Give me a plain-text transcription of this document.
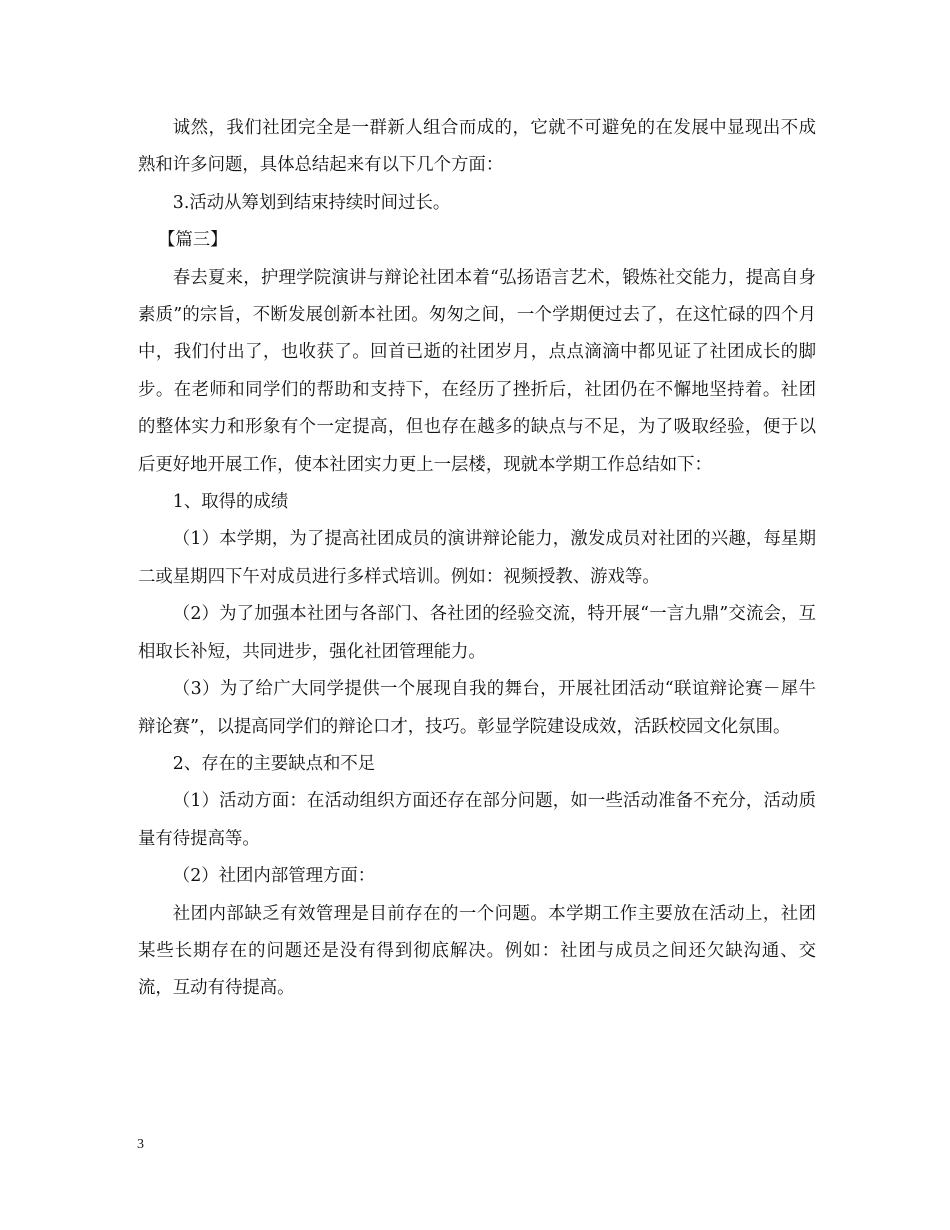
诚然，我们社团完全是一群新人组合而成的，它就不可避免的在发展中显现出不成熟和许多问题，具体总结起来有以下几个方面：

3.活动从筹划到结束持续时间过长。

【篇三】

春去夏来，护理学院演讲与辩论社团本着“弘扬语言艺术，锻炼社交能力，提高自身素质”的宗旨，不断发展创新本社团。匆匆之间，一个学期便过去了，在这忙碌的四个月中，我们付出了，也收获了。回首已逝的社团岁月，点点滴滴中都见证了社团成长的脚步。在老师和同学们的帮助和支持下，在经历了挫折后，社团仍在不懈地坚持着。社团的整体实力和形象有个一定提高，但也存在越多的缺点与不足，为了吸取经验，便于以后更好地开展工作，使本社团实力更上一层楼，现就本学期工作总结如下：

1、取得的成绩

（1）本学期，为了提高社团成员的演讲辩论能力，激发成员对社团的兴趣，每星期二或星期四下午对成员进行多样式培训。例如：视频授教、游戏等。

（2）为了加强本社团与各部门、各社团的经验交流，特开展“一言九鼎”交流会，互相取长补短，共同进步，强化社团管理能力。

（3）为了给广大同学提供一个展现自我的舞台，开展社团活动“联谊辩论赛－犀牛辩论赛”，以提高同学们的辩论口才，技巧。彰显学院建设成效，活跃校园文化氛围。

2、存在的主要缺点和不足

（1）活动方面：在活动组织方面还存在部分问题，如一些活动准备不充分，活动质量有待提高等。

（2）社团内部管理方面：

社团内部缺乏有效管理是目前存在的一个问题。本学期工作主要放在活动上，社团某些长期存在的问题还是没有得到彻底解决。例如：社团与成员之间还欠缺沟通、交流，互动有待提高。

3
